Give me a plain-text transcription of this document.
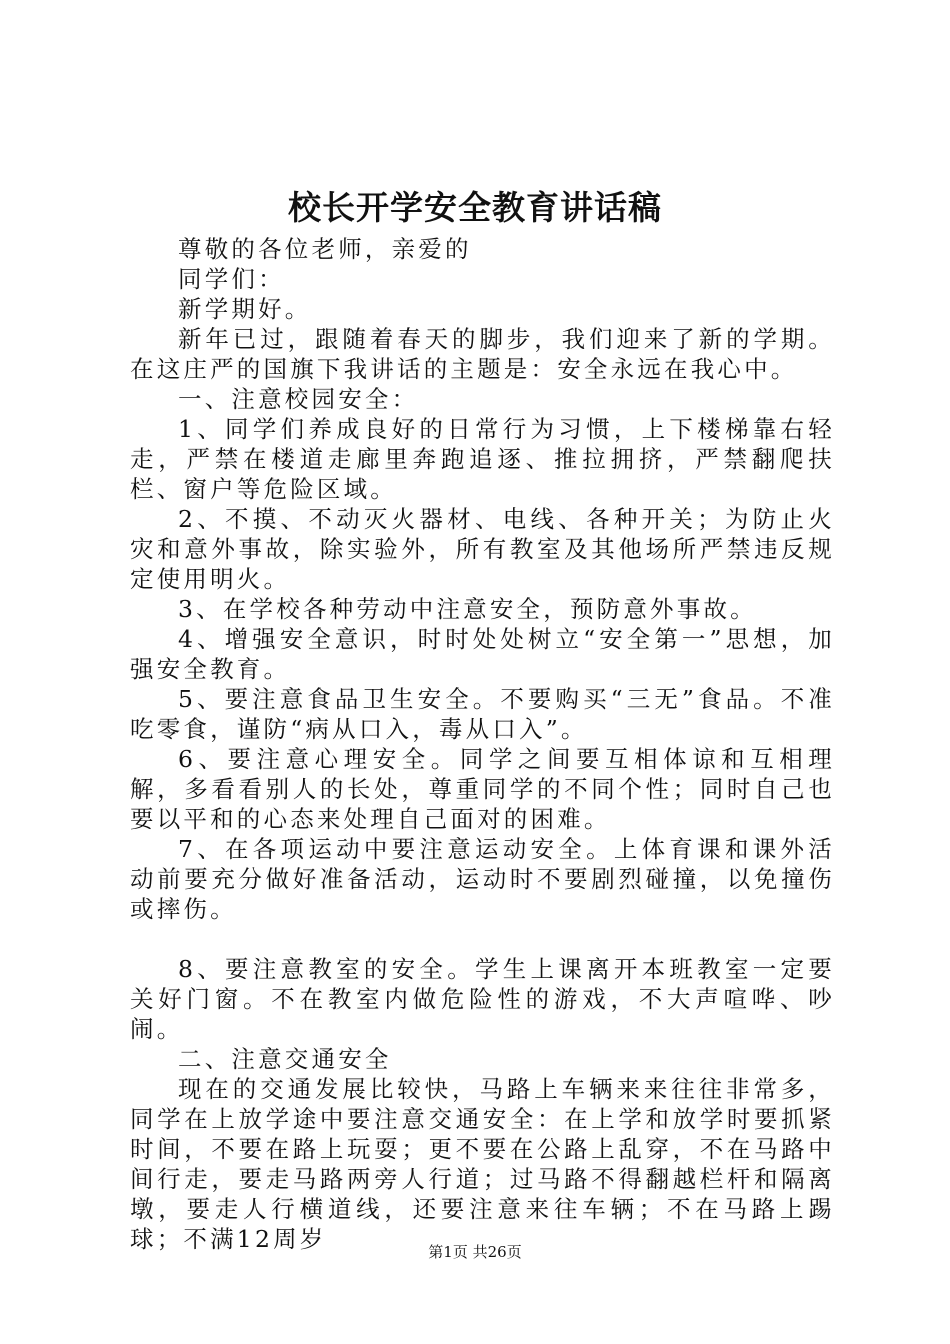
校长开学安全教育讲话稿

尊敬的各位老师，亲爱的

同学们：

新学期好。

新年已过，跟随着春天的脚步，我们迎来了新的学期。在这庄严的国旗下我讲话的主题是：安全永远在我心中。

一、注意校园安全：

1、同学们养成良好的日常行为习惯，上下楼梯靠右轻走，严禁在楼道走廊里奔跑追逐、推拉拥挤，严禁翻爬扶栏、窗户等危险区域。

2、不摸、不动灭火器材、电线、各种开关；为防止火灾和意外事故，除实验外，所有教室及其他场所严禁违反规定使用明火。

3、在学校各种劳动中注意安全，预防意外事故。

4、增强安全意识，时时处处树立“安全第一”思想，加强安全教育。

5、要注意食品卫生安全。不要购买“三无”食品。不准吃零食，谨防“病从口入，毒从口入”。

6、要注意心理安全。同学之间要互相体谅和互相理解，多看看别人的长处，尊重同学的不同个性；同时自己也要以平和的心态来处理自己面对的困难。

7、在各项运动中要注意运动安全。上体育课和课外活动前要充分做好准备活动，运动时不要剧烈碰撞，以免撞伤或摔伤。

8、要注意教室的安全。学生上课离开本班教室一定要关好门窗。不在教室内做危险性的游戏，不大声喧哗、吵闹。

二、注意交通安全

现在的交通发展比较快，马路上车辆来来往往非常多，同学在上放学途中要注意交通安全：在上学和放学时要抓紧时间，不要在路上玩耍；更不要在公路上乱穿，不在马路中间行走，要走马路两旁人行道；过马路不得翻越栏杆和隔离墩，要走人行横道线，还要注意来往车辆；不在马路上踢球；不满12周岁	第1页 共26页
